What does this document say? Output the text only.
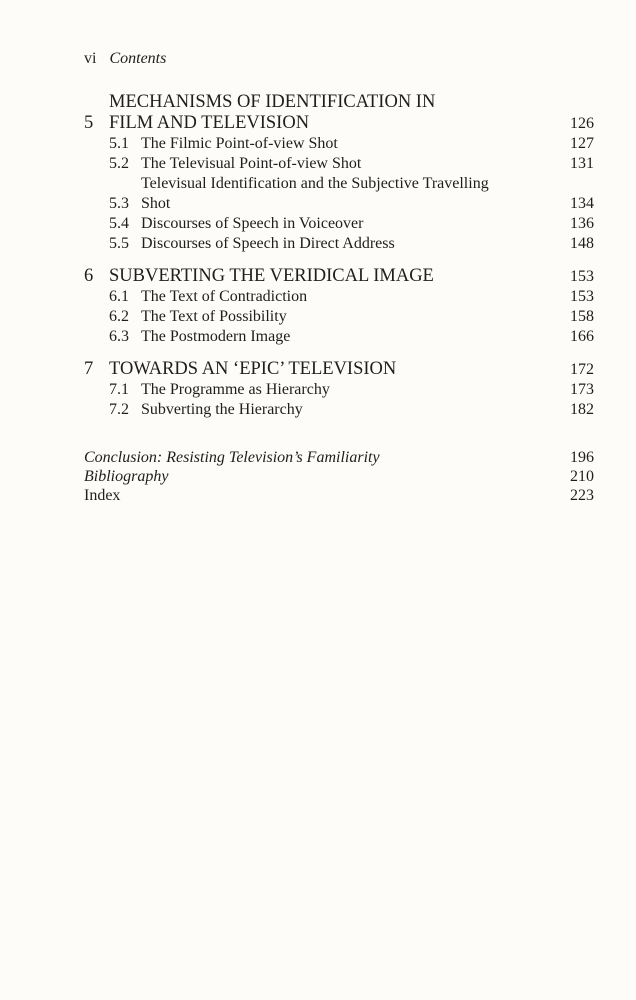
vi Contents
5
MECHANISMS OF IDENTIFICATION IN
FILM AND TELEVISION	126
5.1 The Filmic Point-of-view Shot	127
5.2 The Televisual Point-of-view Shot	131
5.3
Televisual Identification and the Subjective Travelling
Shot	134
5.4 Discourses of Speech in Voiceover	136
5.5 Discourses of Speech in Direct Address	148
6 SUBVERTING THE VERIDICAL IMAGE	153
6.1 The Text of Contradiction	153
6.2 The Text of Possibility	158
6.3 The Postmodern Image	166
7 TOWARDS AN ‘EPIC’ TELEVISION	172
7.1 The Programme as Hierarchy	173
7.2 Subverting the Hierarchy	182
Conclusion: Resisting Television’s Familiarity	196
Bibliography	210
Index	223
